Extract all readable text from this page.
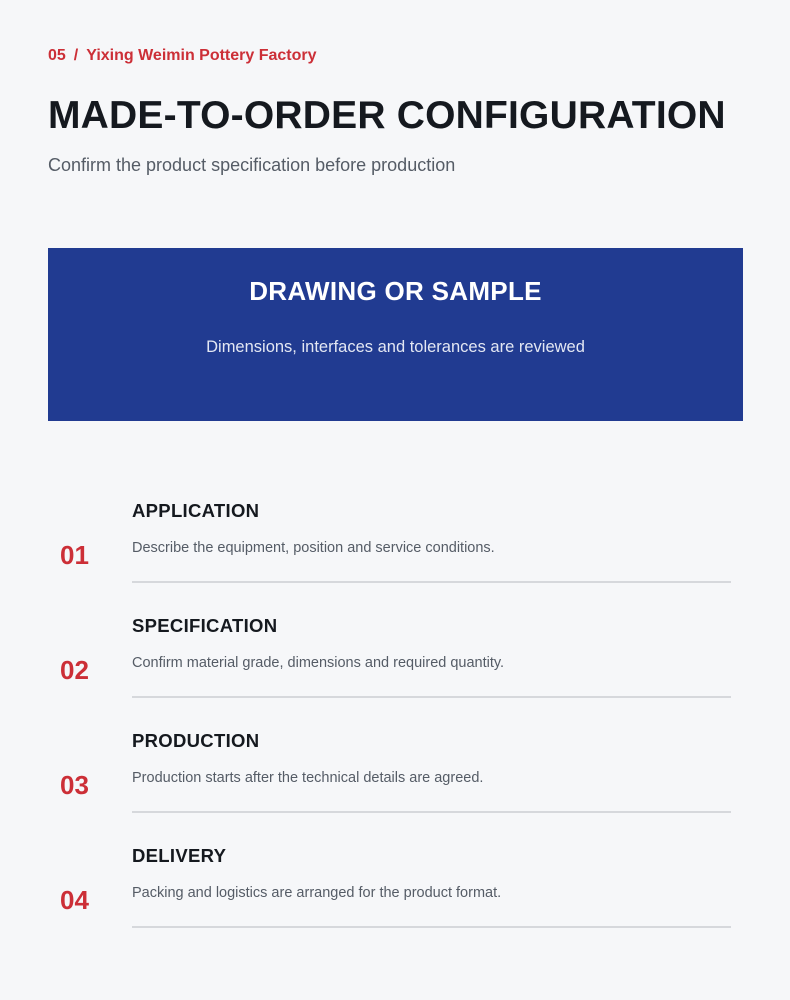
05 / Yixing Weimin Pottery Factory
MADE-TO-ORDER CONFIGURATION
Confirm the product specification before production
DRAWING OR SAMPLE
Dimensions, interfaces and tolerances are reviewed
01
APPLICATION
Describe the equipment, position and service conditions.
02
SPECIFICATION
Confirm material grade, dimensions and required quantity.
03
PRODUCTION
Production starts after the technical details are agreed.
04
DELIVERY
Packing and logistics are arranged for the product format.
